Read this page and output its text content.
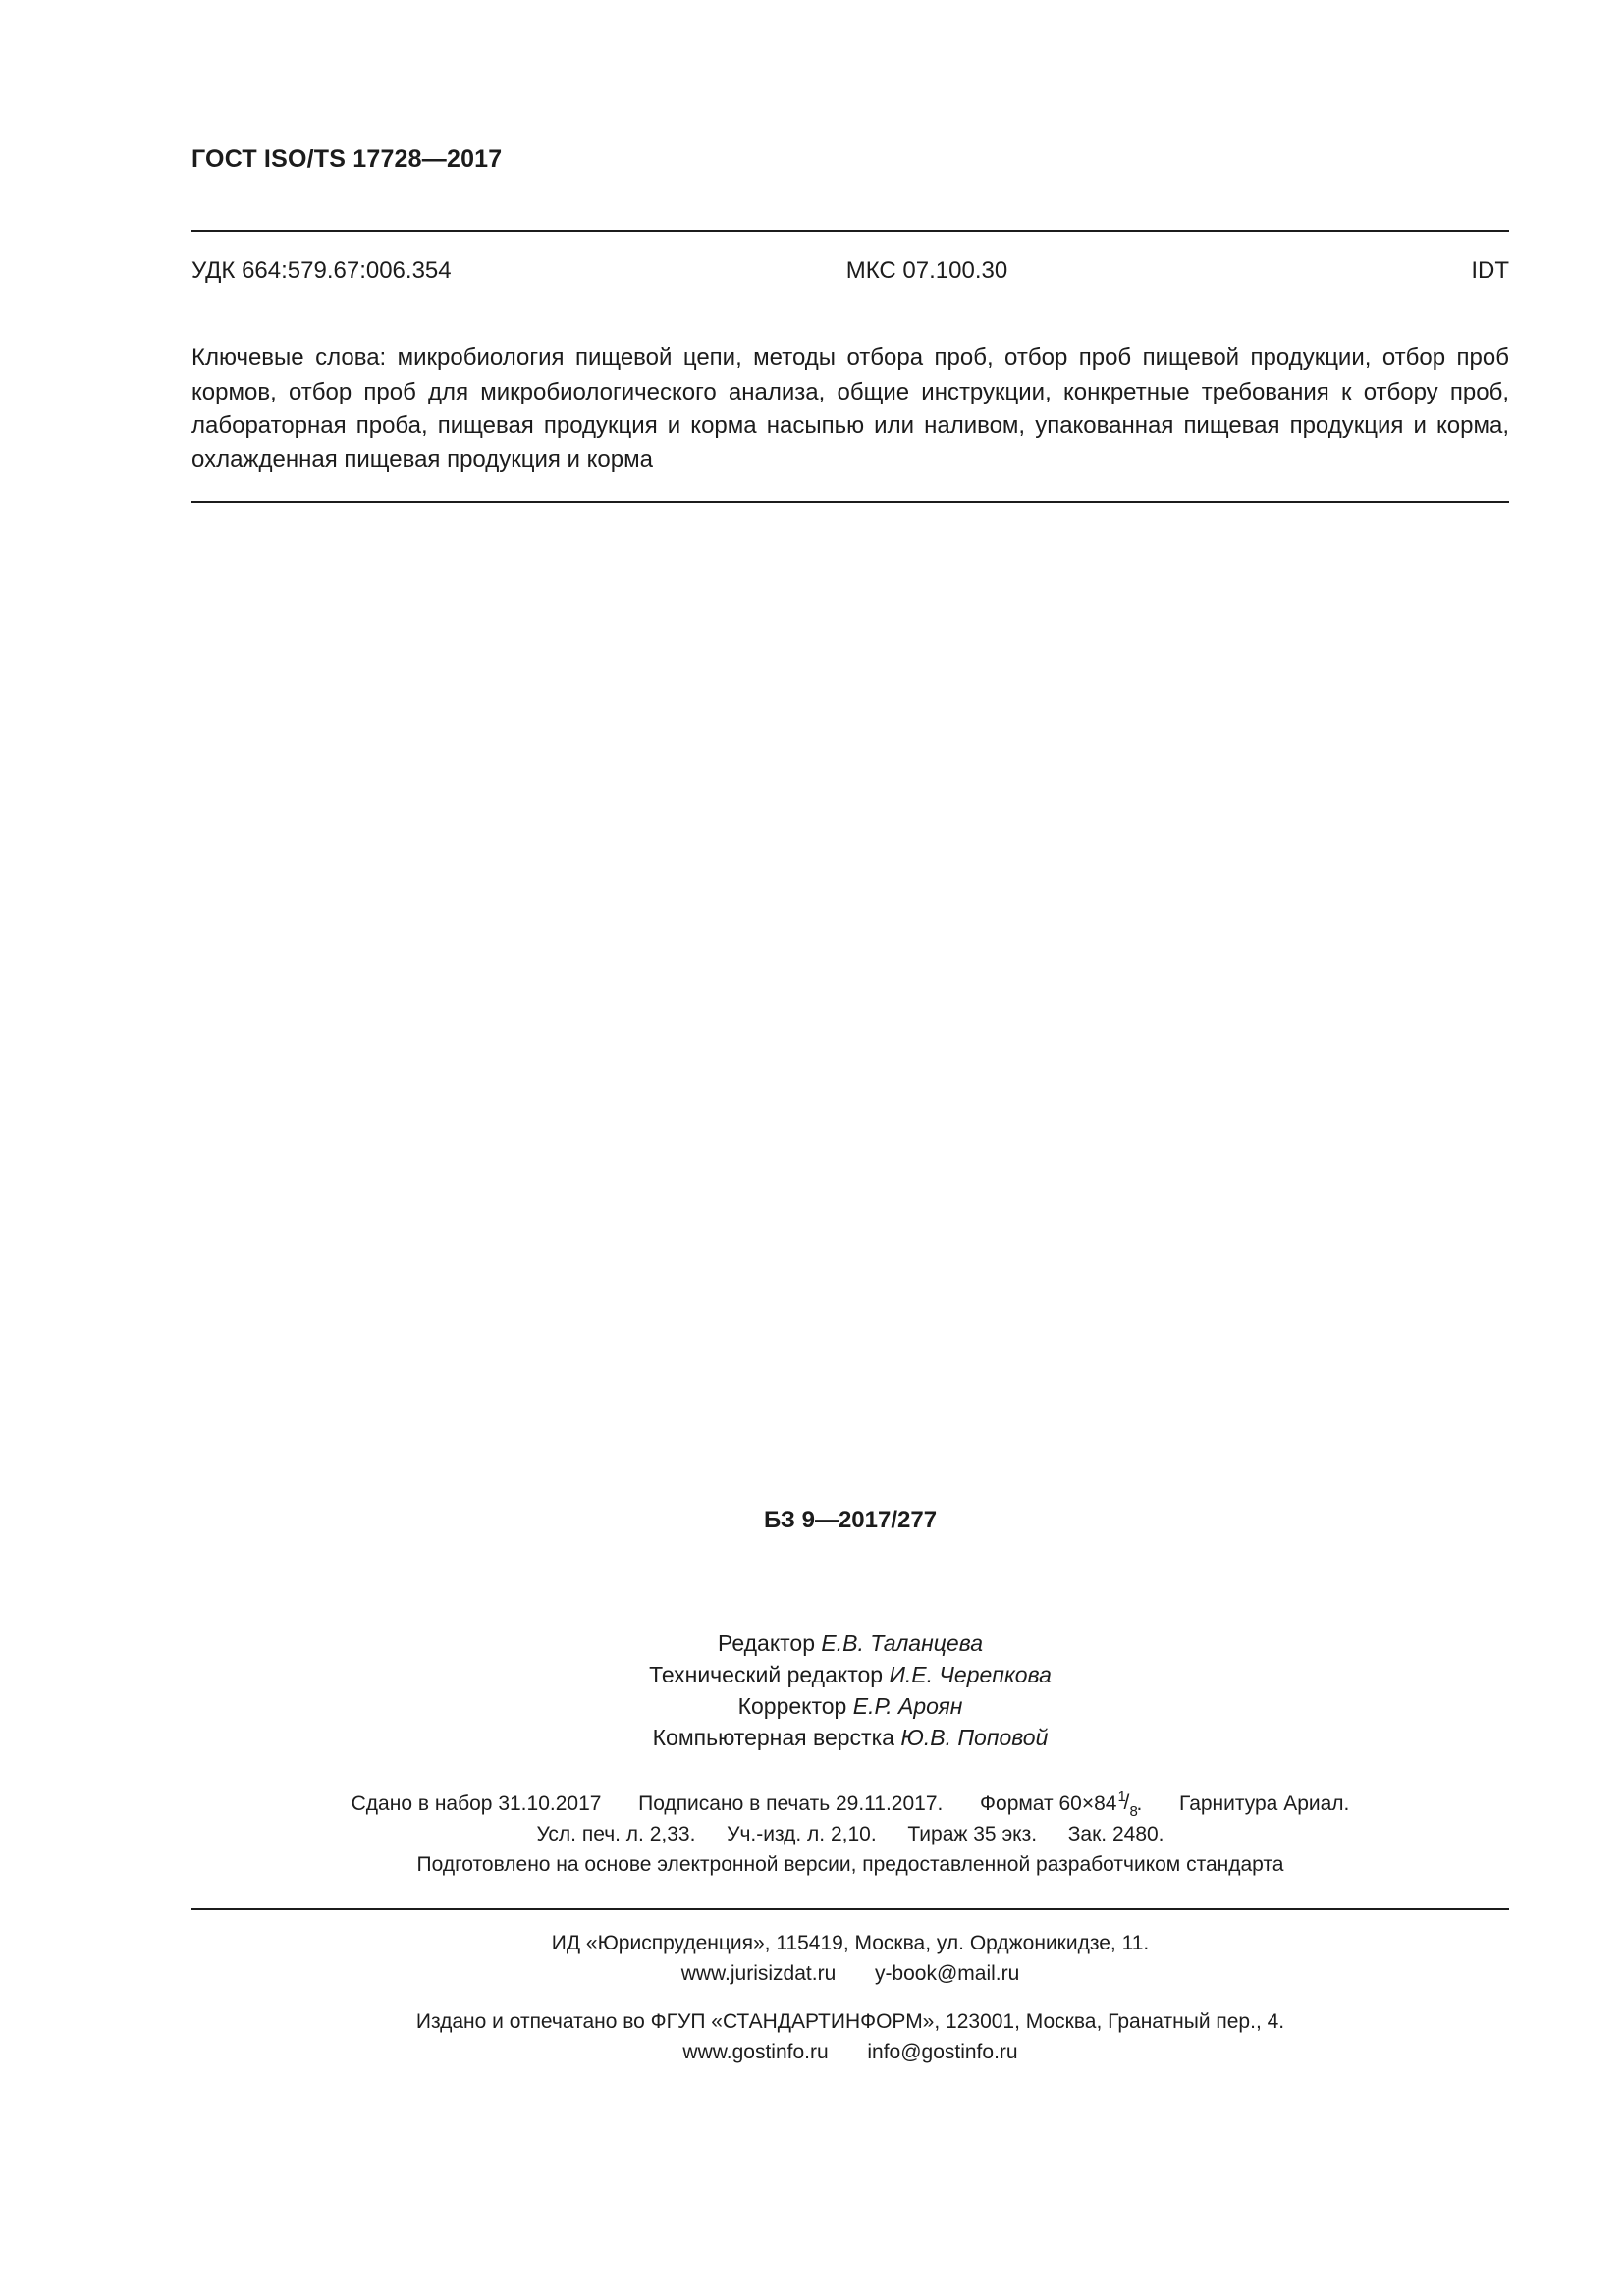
ГОСТ ISO/TS 17728—2017
УДК 664:579.67:006.354	МКС 07.100.30	IDT
Ключевые слова: микробиология пищевой цепи, методы отбора проб, отбор проб пищевой продукции, отбор проб кормов, отбор проб для микробиологического анализа, общие инструкции, конкретные требования к отбору проб, лабораторная проба, пищевая продукция и корма насыпью или наливом, упакованная пищевая продукция и корма, охлажденная пищевая продукция и корма
БЗ 9—2017/277
Редактор Е.В. Таланцева
Технический редактор И.Е. Черепкова
Корректор Е.Р. Ароян
Компьютерная верстка Ю.В. Поповой
Сдано в набор 31.10.2017 Подписано в печать 29.11.2017. Формат 60×84 1
/ 8
. Гарнитура Ариал.
Усл. печ. л. 2,33. Уч.-изд. л. 2,10. Тираж 35 экз. Зак. 2480.
Подготовлено на основе электронной версии, предоставленной разработчиком стандарта
ИД «Юриспруденция», 115419, Москва, ул. Орджоникидзе, 11.
www.jurisizdat.ru y-book@mail.ru
Издано и отпечатано во ФГУП «СТАНДАРТИНФОРМ», 123001, Москва, Гранатный пер., 4.
www.gostinfo.ru info@gostinfo.ru
